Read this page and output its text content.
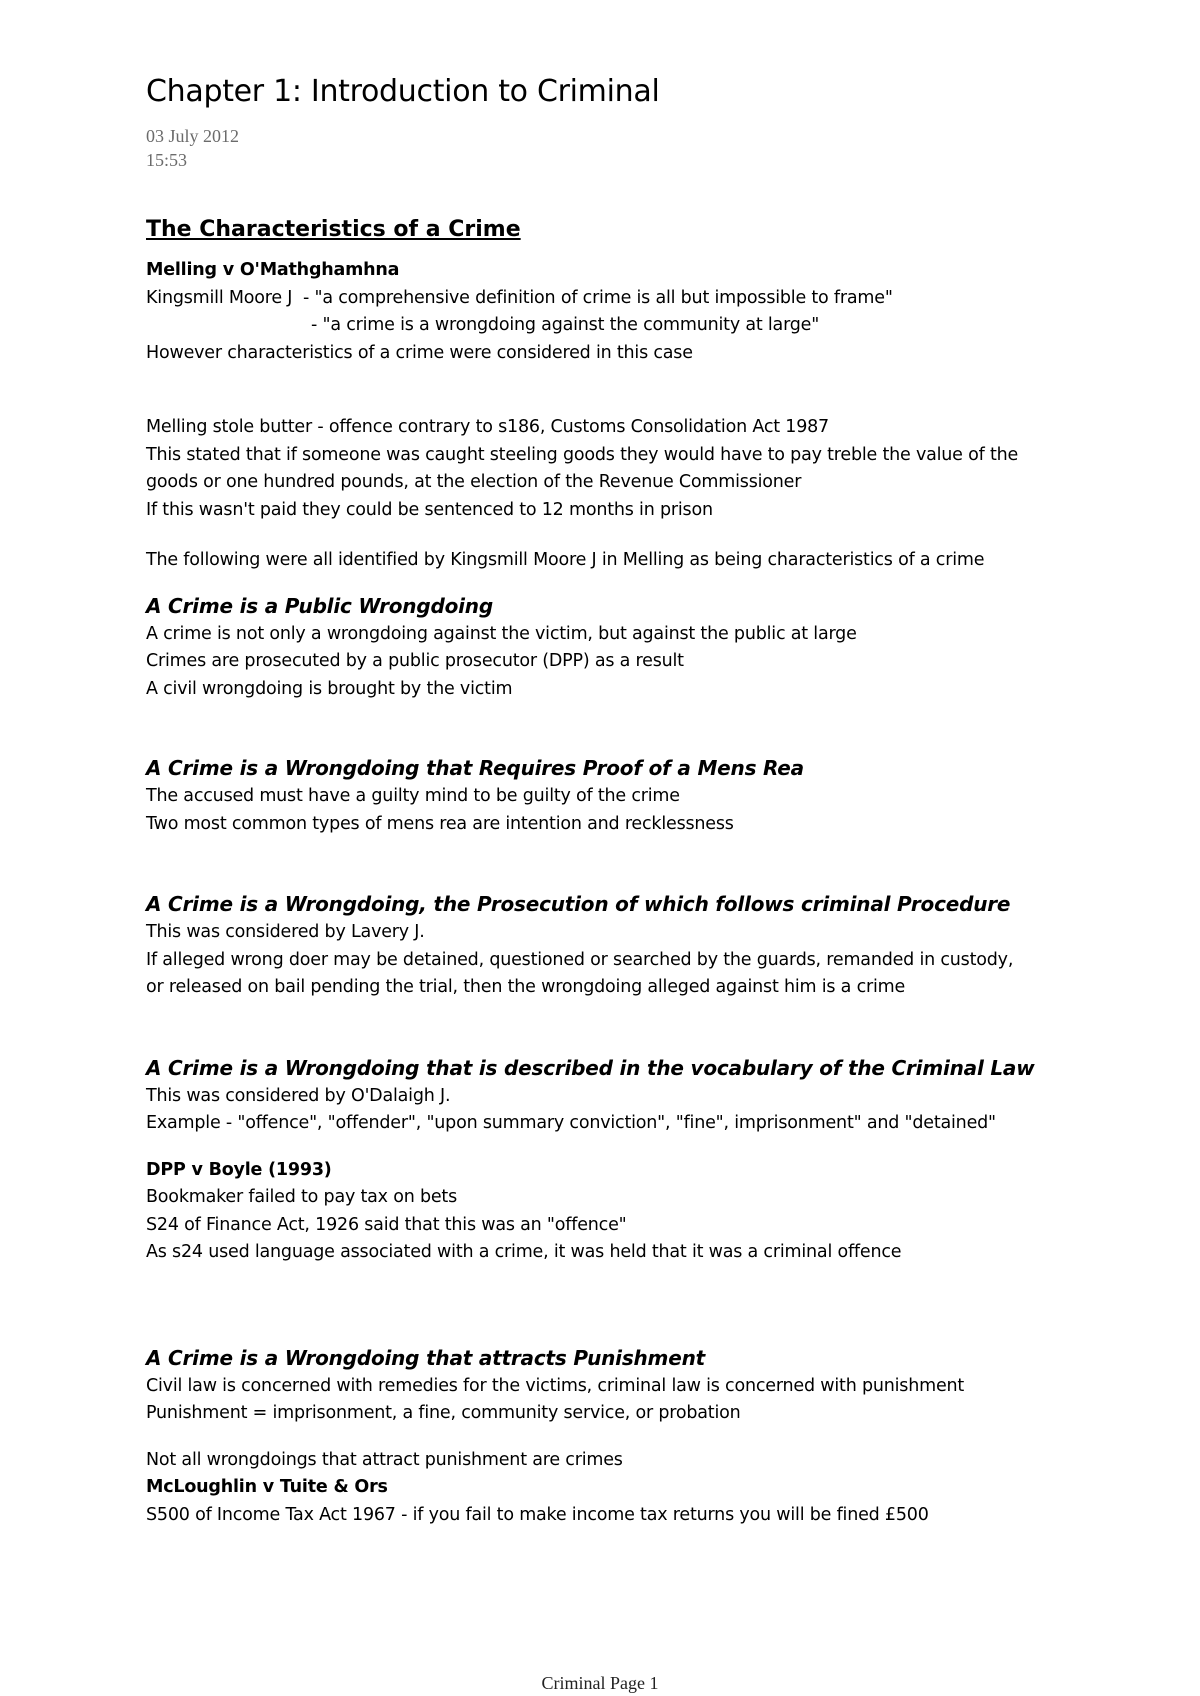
Chapter 1: Introduction to Criminal
03 July 2012
15:53
The Characteristics of a Crime
Melling v O'Mathghamhna
Kingsmill Moore J  - "a comprehensive definition of crime is all but impossible to frame"
- "a crime is a wrongdoing against the community at large"
However characteristics of a crime were considered in this case
Melling stole butter - offence contrary to s186, Customs Consolidation Act 1987
This stated that if someone was caught steeling goods they would have to pay treble the value of the
goods or one hundred pounds, at the election of the Revenue Commissioner
If this wasn't paid they could be sentenced to 12 months in prison
The following were all identified by Kingsmill Moore J in Melling as being characteristics of a crime
A Crime is a Public Wrongdoing
A crime is not only a wrongdoing against the victim, but against the public at large
Crimes are prosecuted by a public prosecutor (DPP) as a result
A civil wrongdoing is brought by the victim
A Crime is a Wrongdoing that Requires Proof of a Mens Rea
The accused must have a guilty mind to be guilty of the crime
Two most common types of mens rea are intention and recklessness
A Crime is a Wrongdoing, the Prosecution of which follows criminal Procedure
This was considered by Lavery J.
If alleged wrong doer may be detained, questioned or searched by the guards, remanded in custody,
or released on bail pending the trial, then the wrongdoing alleged against him is a crime
A Crime is a Wrongdoing that is described in the vocabulary of the Criminal Law
This was considered by O'Dalaigh J.
Example - "offence", "offender", "upon summary conviction", "fine", imprisonment" and "detained"
DPP v Boyle (1993)
Bookmaker failed to pay tax on bets
S24 of Finance Act, 1926 said that this was an "offence"
As s24 used language associated with a crime, it was held that it was a criminal offence
A Crime is a Wrongdoing that attracts Punishment
Civil law is concerned with remedies for the victims, criminal law is concerned with punishment
Punishment = imprisonment, a fine, community service, or probation
Not all wrongdoings that attract punishment are crimes
McLoughlin v Tuite & Ors
S500 of Income Tax Act 1967 - if you fail to make income tax returns you will be fined £500
Criminal Page 1
